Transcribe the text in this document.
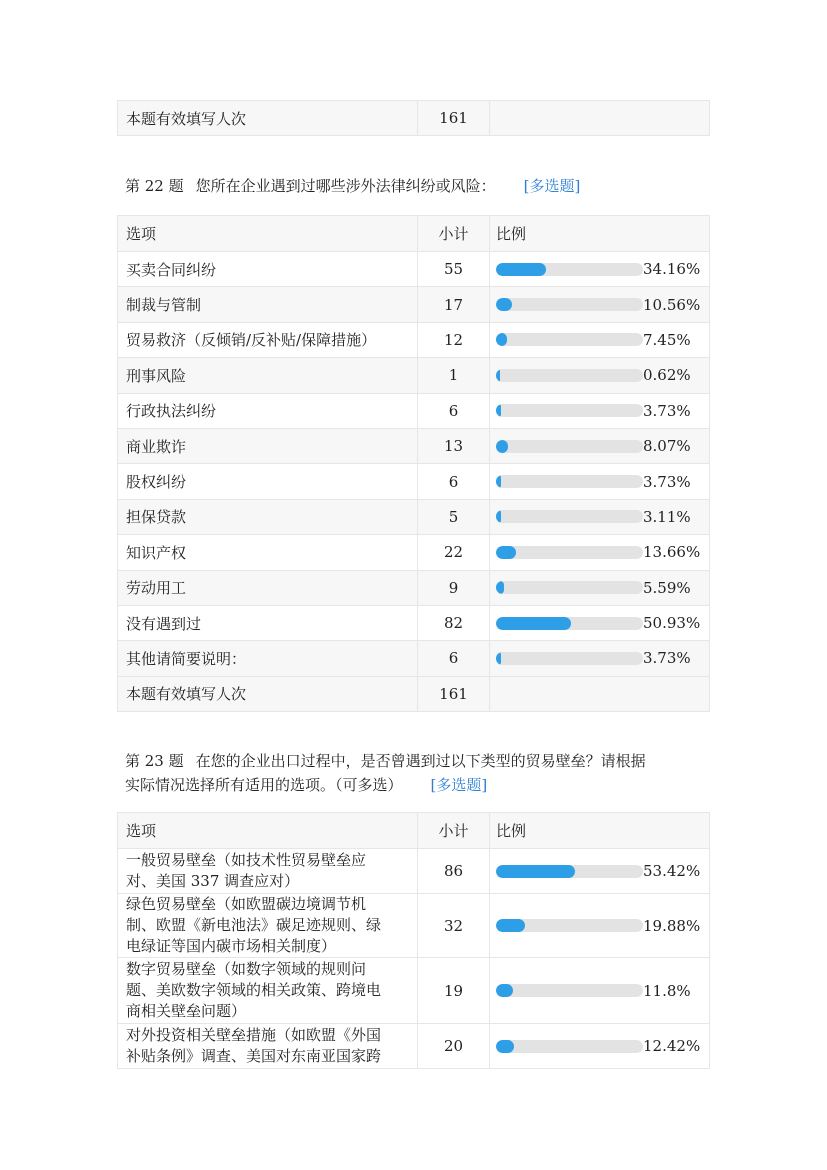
本题有效填写人次	161	
第 22 题 您所在企业遇到过哪些涉外法律纠纷或风险： [多选题]
选项	小计	比例
买卖合同纠纷	55	34.16%

制裁与管制	17	10.56%

贸易救济（反倾销/反补贴/保障措施）	12	7.45%

刑事风险	1	0.62%

行政执法纠纷	6	3.73%

商业欺诈	13	8.07%

股权纠纷	6	3.73%

担保贷款	5	3.11%

知识产权	22	13.66%

劳动用工	9	5.59%

没有遇到过	82	50.93%

其他请简要说明：	6	3.73%

本题有效填写人次	161	
第 23 题 在您的企业出口过程中，是否曾遇到过以下类型的贸易壁垒？请根据
实际情况选择所有适用的选项。（可多选） [多选题]
选项	小计	比例

一般贸易壁垒（如技术性贸易壁垒应
对、美国 337 调查应对）	86	53.42%

绿色贸易壁垒（如欧盟碳边境调节机
制、欧盟《新电池法》碳足迹规则、绿
电绿证等国内碳市场相关制度）	32	19.88%

数字贸易壁垒（如数字领域的规则问
题、美欧数字领域的相关政策、跨境电
商相关壁垒问题）	19	11.8%

对外投资相关壁垒措施（如欧盟《外国
补贴条例》调查、美国对东南亚国家跨	20	12.42%
